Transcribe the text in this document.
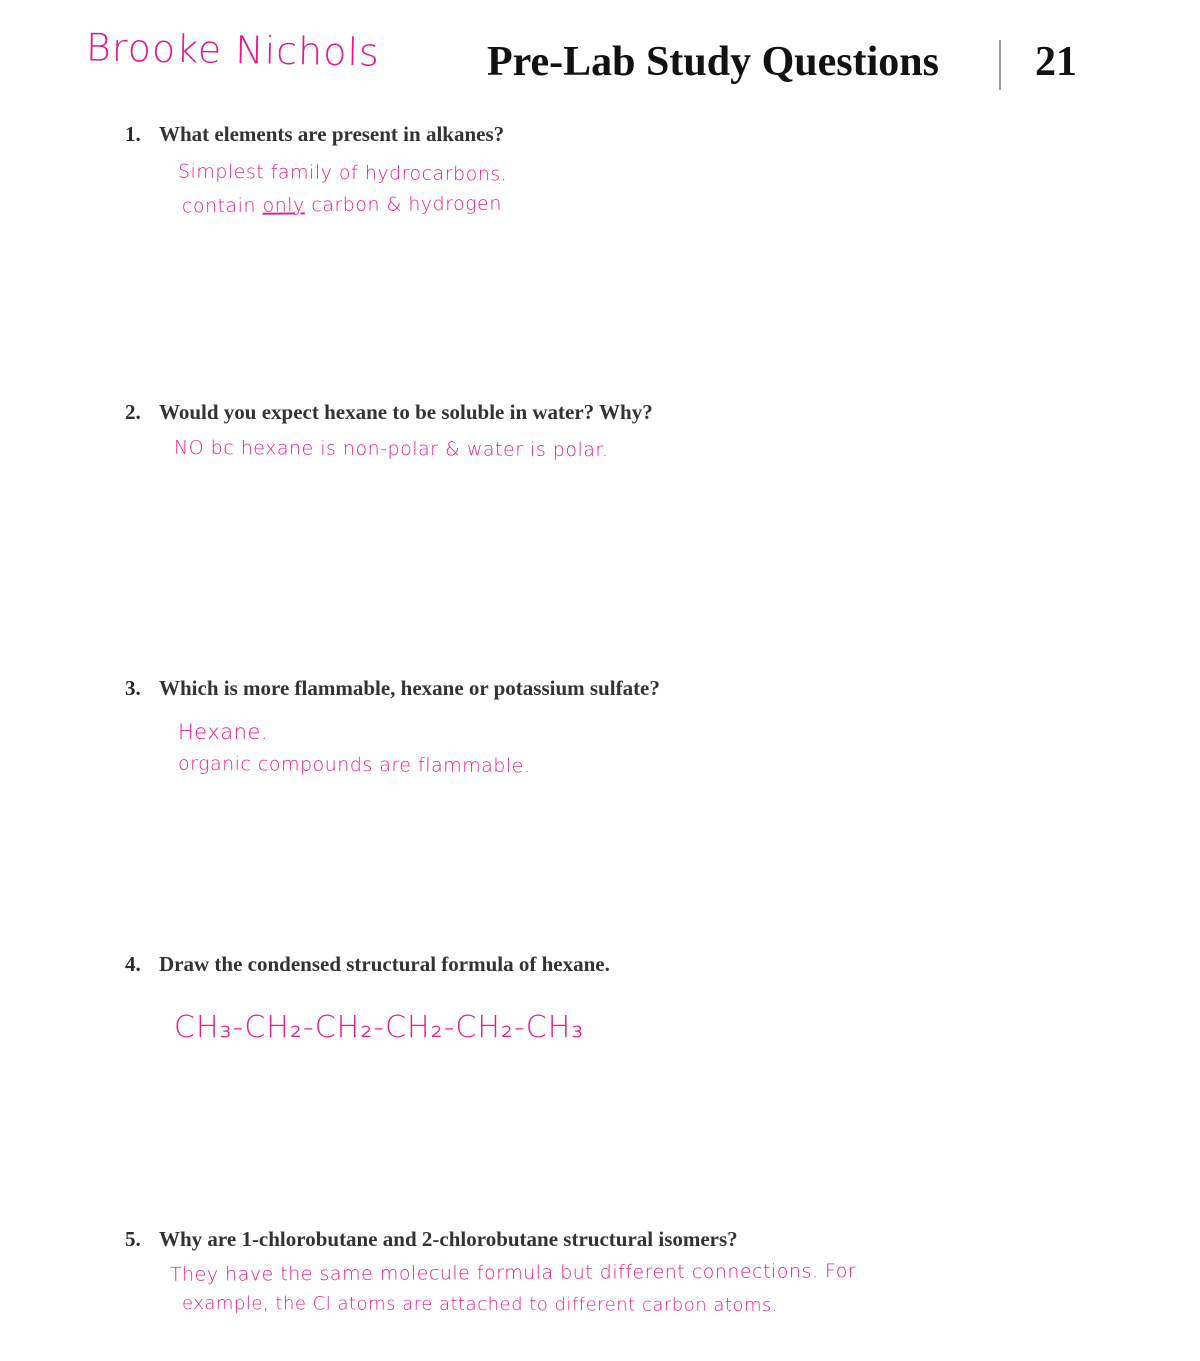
Brooke Nichols	Pre-Lab Study Questions 21
1. What elements are present in alkanes?
Simplest family of hydrocarbons.
contain only carbon & hydrogen
2. Would you expect hexane to be soluble in water? Why?
NO bc hexane is non-polar & water is polar.
3. Which is more flammable, hexane or potassium sulfate?
Hexane.
organic compounds are flammable.
4. Draw the condensed structural formula of hexane.
CH₃-CH₂-CH₂-CH₂-CH₂-CH₃
5. Why are 1-chlorobutane and 2-chlorobutane structural isomers?
They have the same molecule formula but different connections. For
example, the Cl atoms are attached to different carbon atoms.
